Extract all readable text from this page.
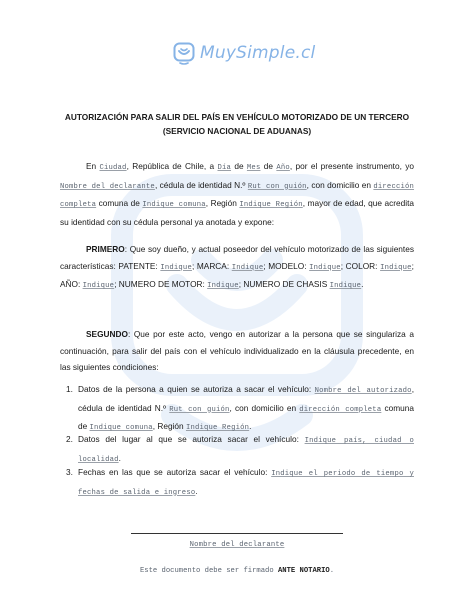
MuySimple.cl
AUTORIZACIÓN PARA SALIR DEL PAÍS EN VEHÍCULO MOTORIZADO DE UN TERCERO
(SERVICIO NACIONAL DE ADUANAS)
En Ciudad, República de Chile, a Día de Mes de Año, por el presente instrumento, yo Nombre del declarante, cédula de identidad N.º Rut con guión, con domicilio en dirección completa comuna de Indique comuna, Región Indique Región, mayor de edad, que acredita su identidad con su cédula personal ya anotada y expone:
PRIMERO: Que soy dueño, y actual poseedor del vehículo motorizado de las siguientes características: PATENTE: Indique; MARCA: Indique; MODELO: Indique; COLOR: Indique; AÑO: Indique; NUMERO DE MOTOR: Indique; NUMERO DE CHASIS Indique.
SEGUNDO: Que por este acto, vengo en autorizar a la persona que se singulariza a continuación, para salir del país con el vehículo individualizado en la cláusula precedente, en las siguientes condiciones:
1. Datos de la persona a quien se autoriza a sacar el vehículo: Nombre del autorizado, cédula de identidad N.º Rut con guión, con domicilio en dirección completa comuna de Indique comuna, Región Indique Región.
2. Datos del lugar al que se autoriza sacar el vehículo: Indique país, ciudad o localidad.
3. Fechas en las que se autoriza sacar el vehículo: Indique el periodo de tiempo y fechas de salida e ingreso.
Nombre del declarante
Este documento debe ser firmado ANTE NOTARIO.
